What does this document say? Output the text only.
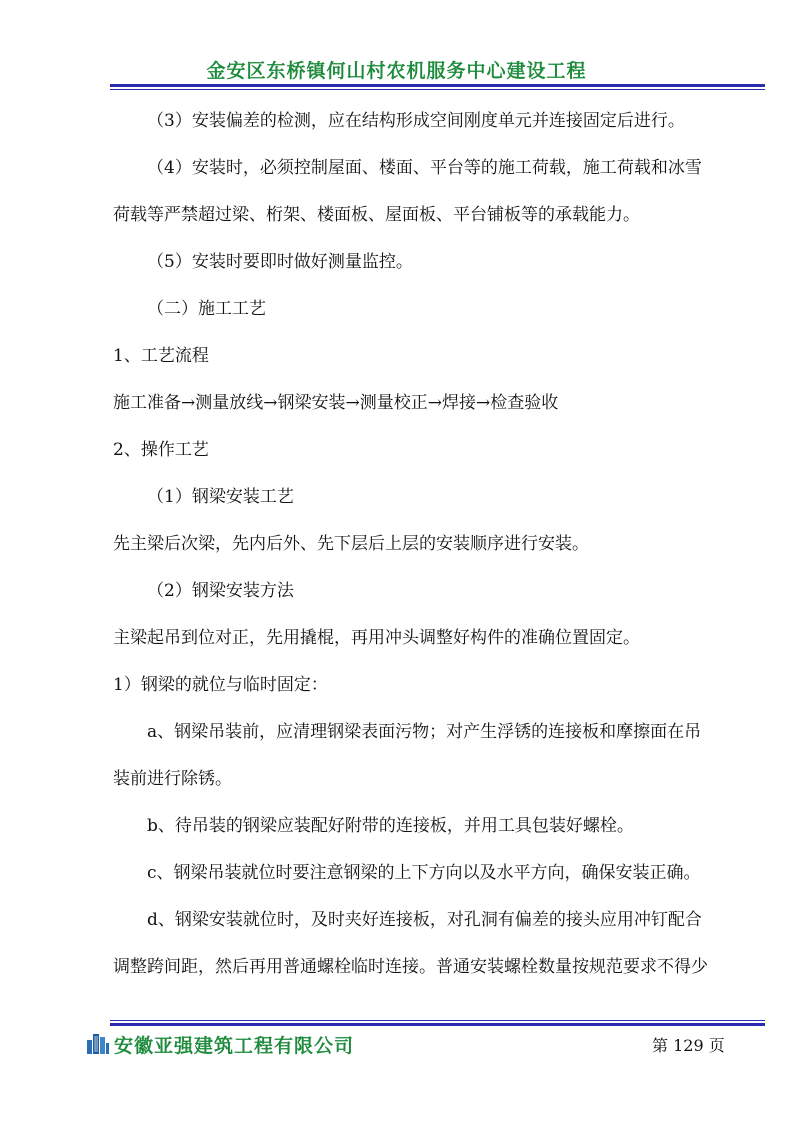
金安区东桥镇何山村农机服务中心建设工程

（3）安装偏差的检测，应在结构形成空间刚度单元并连接固定后进行。

（4）安装时，必须控制屋面、楼面、平台等的施工荷载，施工荷载和冰雪荷载等严禁超过梁、桁架、楼面板、屋面板、平台铺板等的承载能力。

（5）安装时要即时做好测量监控。

（二）施工工艺

1、工艺流程

施工准备→测量放线→钢梁安装→测量校正→焊接→检查验收

2、操作工艺

（1）钢梁安装工艺

先主梁后次梁，先内后外、先下层后上层的安装顺序进行安装。

（2）钢梁安装方法

主梁起吊到位对正，先用撬棍，再用冲头调整好构件的准确位置固定。

1）钢梁的就位与临时固定：

a、钢梁吊装前，应清理钢梁表面污物；对产生浮锈的连接板和摩擦面在吊装前进行除锈。

b、待吊装的钢梁应装配好附带的连接板，并用工具包装好螺栓。

c、钢梁吊装就位时要注意钢梁的上下方向以及水平方向，确保安装正确。

d、钢梁安装就位时，及时夹好连接板，对孔洞有偏差的接头应用冲钉配合调整跨间距，然后再用普通螺栓临时连接。普通安装螺栓数量按规范要求不得少

安徽亚强建筑工程有限公司	第 129 页
